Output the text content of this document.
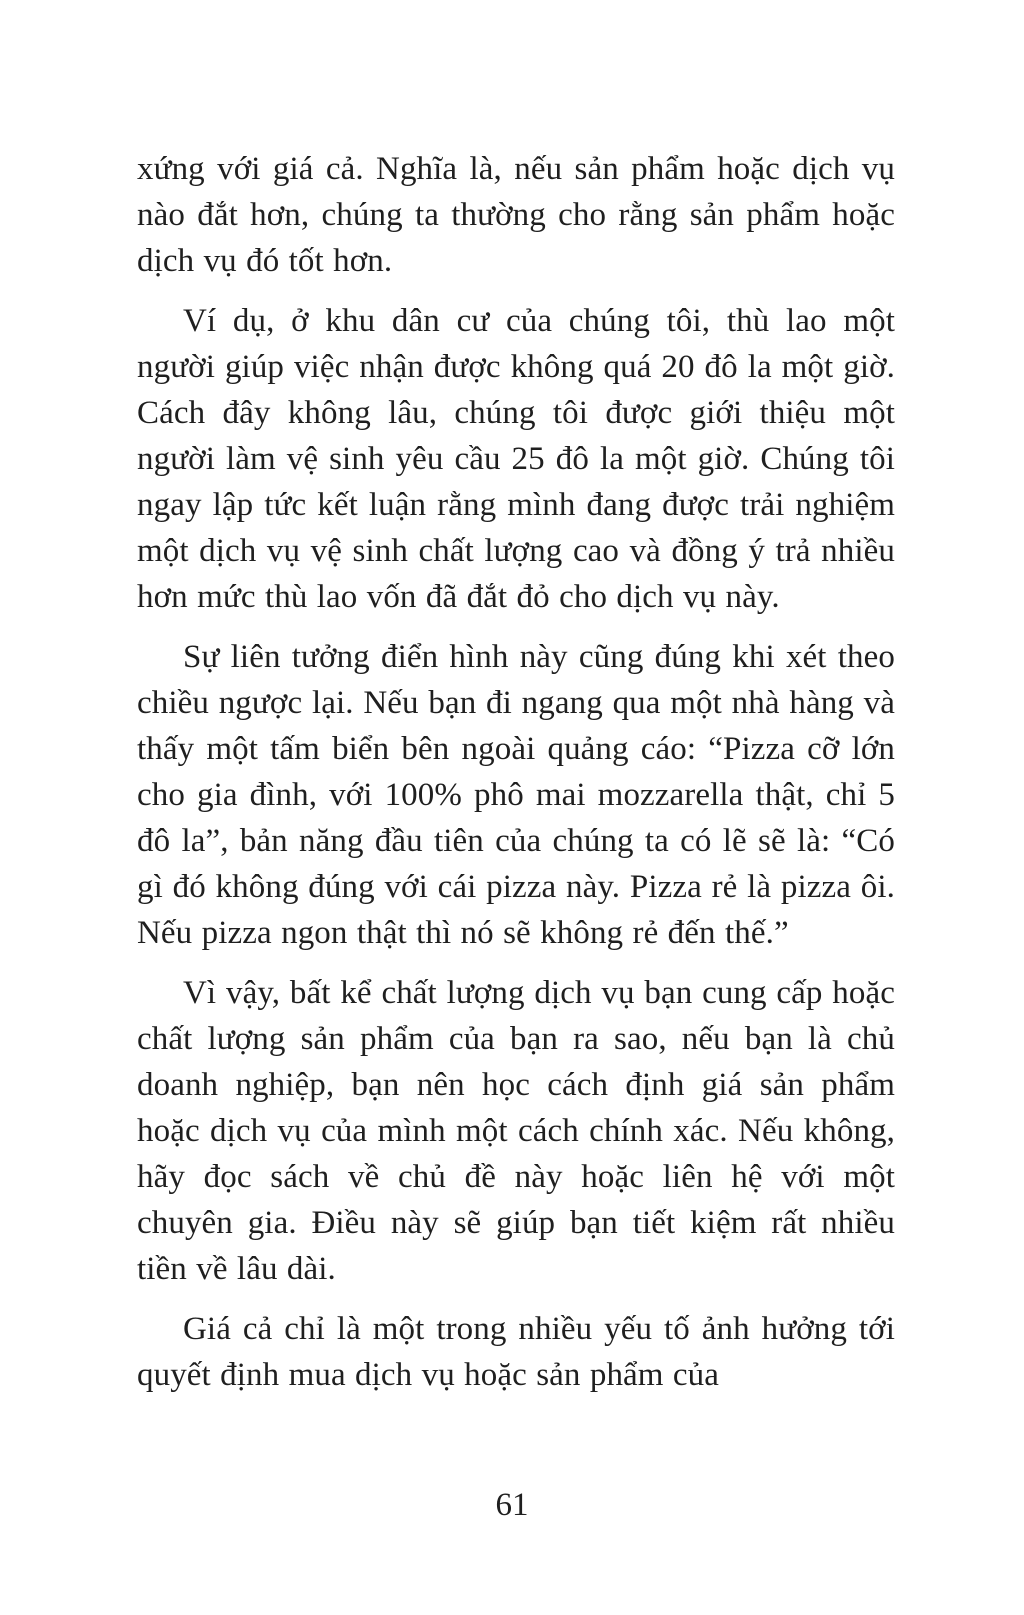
xứng với giá cả. Nghĩa là, nếu sản phẩm hoặc dịch vụ nào đắt hơn, chúng ta thường cho rằng sản phẩm hoặc dịch vụ đó tốt hơn.

Ví dụ, ở khu dân cư của chúng tôi, thù lao một người giúp việc nhận được không quá 20 đô la một giờ. Cách đây không lâu, chúng tôi được giới thiệu một người làm vệ sinh yêu cầu 25 đô la một giờ. Chúng tôi ngay lập tức kết luận rằng mình đang được trải nghiệm một dịch vụ vệ sinh chất lượng cao và đồng ý trả nhiều hơn mức thù lao vốn đã đắt đỏ cho dịch vụ này.

Sự liên tưởng điển hình này cũng đúng khi xét theo chiều ngược lại. Nếu bạn đi ngang qua một nhà hàng và thấy một tấm biển bên ngoài quảng cáo: “Pizza cỡ lớn cho gia đình, với 100% phô mai mozzarella thật, chỉ 5 đô la”, bản năng đầu tiên của chúng ta có lẽ sẽ là: “Có gì đó không đúng với cái pizza này. Pizza rẻ là pizza ôi. Nếu pizza ngon thật thì nó sẽ không rẻ đến thế.”

Vì vậy, bất kể chất lượng dịch vụ bạn cung cấp hoặc chất lượng sản phẩm của bạn ra sao, nếu bạn là chủ doanh nghiệp, bạn nên học cách định giá sản phẩm hoặc dịch vụ của mình một cách chính xác. Nếu không, hãy đọc sách về chủ đề này hoặc liên hệ với một chuyên gia. Điều này sẽ giúp bạn tiết kiệm rất nhiều tiền về lâu dài.

Giá cả chỉ là một trong nhiều yếu tố ảnh hưởng tới quyết định mua dịch vụ hoặc sản phẩm của

61
